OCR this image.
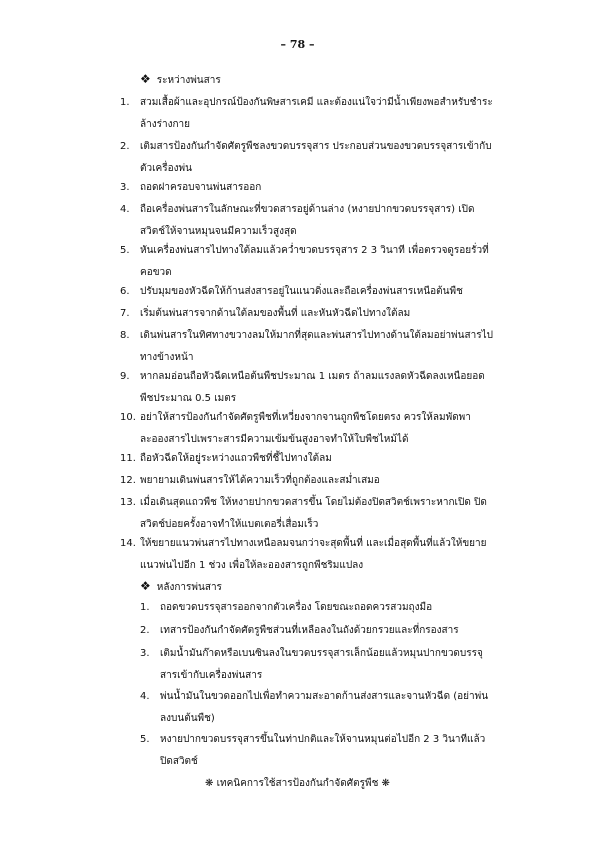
– 78 –
❖ ระหว่างพ่นสาร
1. สวมเสื้อผ้าและอุปกรณ์ป้องกันพิษสารเคมี และต้องแน่ใจว่ามีน้ำเพียงพอสำหรับชำระล้างร่างกาย
2. เติมสารป้องกันกำจัดศัตรูพืชลงขวดบรรจุสาร ประกอบส่วนของขวดบรรจุสารเข้ากับตัวเครื่องพ่น
3. ถอดฝาครอบจานพ่นสารออก
4. ถือเครื่องพ่นสารในลักษณะที่ขวดสารอยู่ด้านล่าง (หงายปากขวดบรรจุสาร) เปิดสวิตช์ให้จานหมุนจนมีความเร็วสูงสุด
5. หันเครื่องพ่นสารไปทางใต้ลมแล้วคว่ำขวดบรรจุสาร 2 3 วินาที เพื่อตรวจดูรอยรั่วที่คอขวด
6. ปรับมุมของหัวฉีดให้ก้านส่งสารอยู่ในแนวดิ่งและถือเครื่องพ่นสารเหนือต้นพืช
7. เริ่มต้นพ่นสารจากด้านใต้ลมของพื้นที่ และหันหัวฉีดไปทางใต้ลม
8. เดินพ่นสารในทิศทางขวางลมให้มากที่สุดและพ่นสารไปทางด้านใต้ลมอย่าพ่นสารไปทางข้างหน้า
9. หากลมอ่อนถือหัวฉีดเหนือต้นพืชประมาณ 1 เมตร ถ้าลมแรงลดหัวฉีดลงเหนือยอดพืชประมาณ 0.5 เมตร
10. อย่าให้สารป้องกันกำจัดศัตรูพืชที่เหวี่ยงจากจานถูกพืชโดยตรง ควรให้ลมพัดพาละอองสารไปเพราะสารมีความเข้มข้นสูงอาจทำให้ใบพืชไหม้ได้
11. ถือหัวฉีดให้อยู่ระหว่างแถวพืชที่ชี้ไปทางใต้ลม
12. พยายามเดินพ่นสารให้ได้ความเร็วที่ถูกต้องและสม่ำเสมอ
13. เมื่อเดินสุดแถวพืช ให้หงายปากขวดสารขึ้น โดยไม่ต้องปิดสวิตช์เพราะหากเปิด ปิดสวิตช์บ่อยครั้งอาจทำให้แบตเตอรี่เสื่อมเร็ว
14. ให้ขยายแนวพ่นสารไปทางเหนือลมจนกว่าจะสุดพื้นที่ และเมื่อสุดพื้นที่แล้วให้ขยายแนวพ่นไปอีก 1 ช่วง เพื่อให้ละอองสารถูกพืชริมแปลง
❖ หลังการพ่นสาร
1. ถอดขวดบรรจุสารออกจากตัวเครื่อง โดยขณะถอดควรสวมถุงมือ
2. เทสารป้องกันกำจัดศัตรูพืชส่วนที่เหลือลงในถังด้วยกรวยและที่กรองสาร
3. เติมน้ำมันก๊าดหรือเบนซินลงในขวดบรรจุสารเล็กน้อยแล้วหมุนปากขวดบรรจุสารเข้ากับเครื่องพ่นสาร
4. พ่นน้ำมันในขวดออกไปเพื่อทำความสะอาดก้านส่งสารและจานหัวฉีด (อย่าพ่นลงบนต้นพืช)
5. หงายปากขวดบรรจุสารขึ้นในท่าปกติและให้จานหมุนต่อไปอีก 2 3 วินาทีแล้วปิดสวิตช์
❋ เทคนิคการใช้สารป้องกันกำจัดศัตรูพืช ❋
